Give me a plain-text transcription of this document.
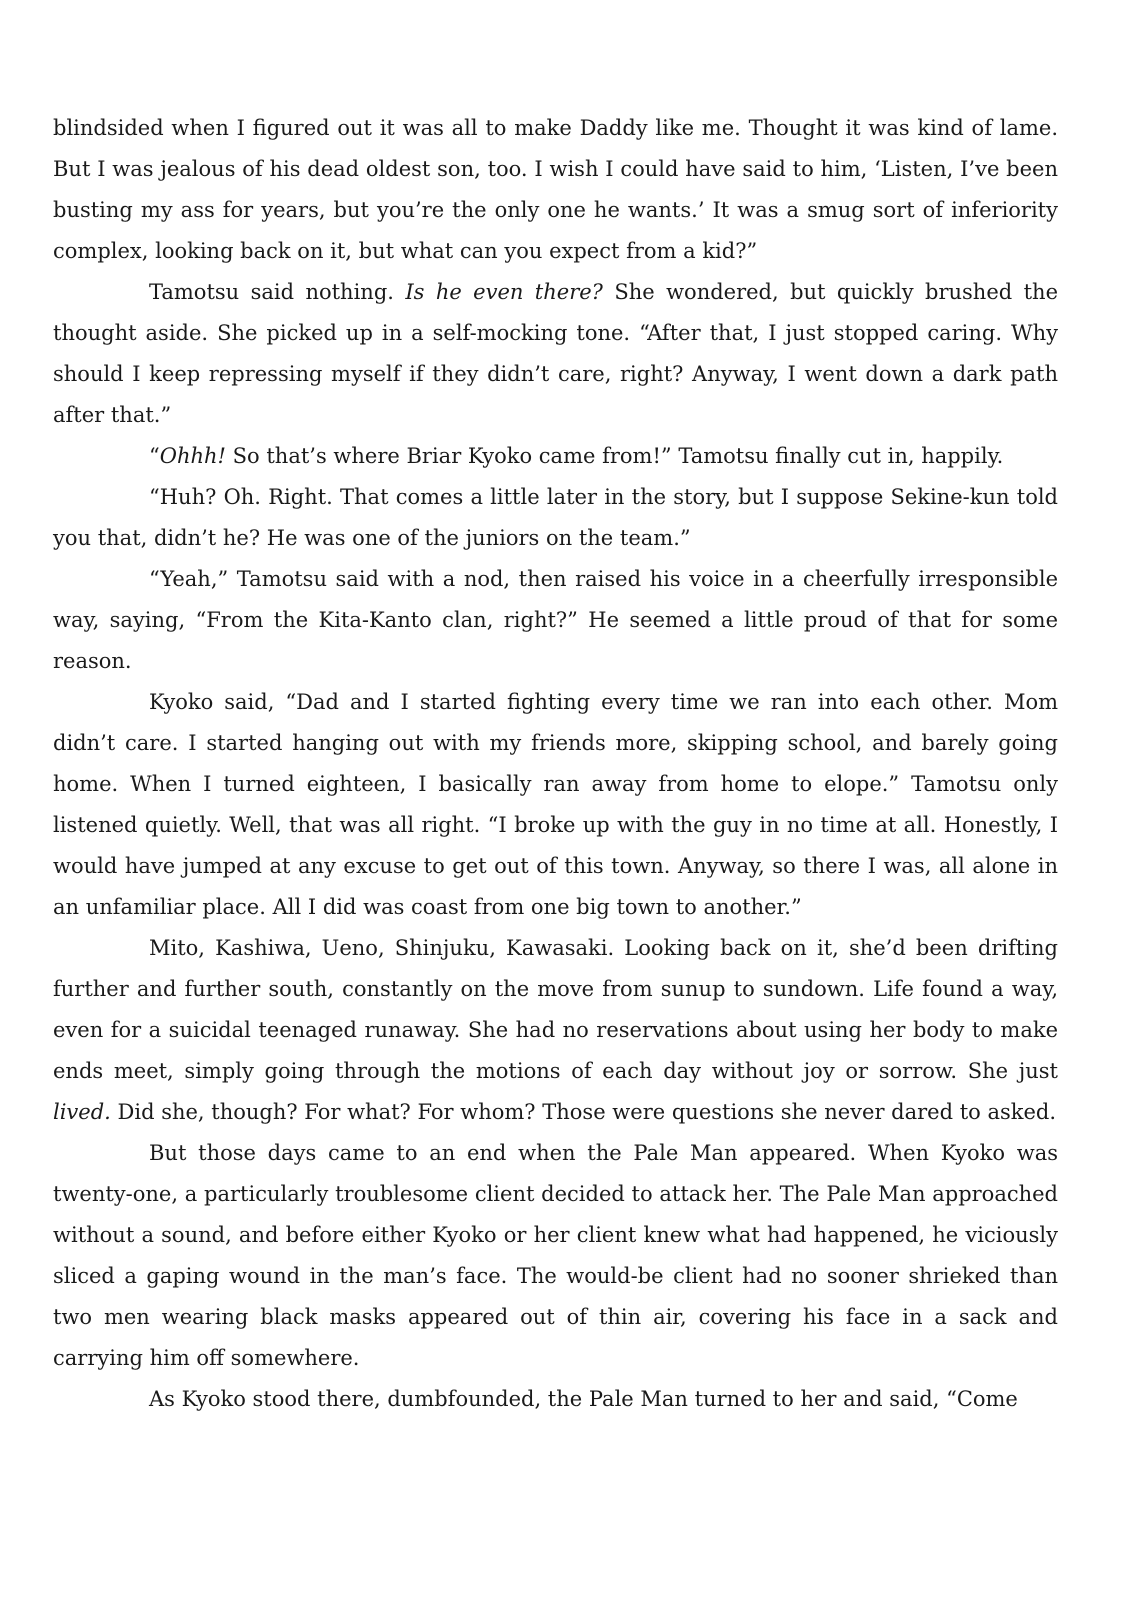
blindsided when I figured out it was all to make Daddy like me. Thought it was kind of lame. But I was jealous of his dead oldest son, too. I wish I could have said to him, ‘Listen, I’ve been busting my ass for years, but you’re the only one he wants.’ It was a smug sort of inferiority complex, looking back on it, but what can you expect from a kid?”

Tamotsu said nothing. Is he even there? She wondered, but quickly brushed the thought aside. She picked up in a self-mocking tone. “After that, I just stopped caring. Why should I keep repressing myself if they didn’t care, right? Anyway, I went down a dark path after that.”

“Ohhh! So that’s where Briar Kyoko came from!” Tamotsu finally cut in, happily.

“Huh? Oh. Right. That comes a little later in the story, but I suppose Sekine-kun told you that, didn’t he? He was one of the juniors on the team.”

“Yeah,” Tamotsu said with a nod, then raised his voice in a cheerfully irresponsible way, saying, “From the Kita-Kanto clan, right?” He seemed a little proud of that for some reason.

Kyoko said, “Dad and I started fighting every time we ran into each other. Mom didn’t care. I started hanging out with my friends more, skipping school, and barely going home. When I turned eighteen, I basically ran away from home to elope.” Tamotsu only listened quietly. Well, that was all right. “I broke up with the guy in no time at all. Honestly, I would have jumped at any excuse to get out of this town. Anyway, so there I was, all alone in an unfamiliar place. All I did was coast from one big town to another.”

Mito, Kashiwa, Ueno, Shinjuku, Kawasaki. Looking back on it, she’d been drifting further and further south, constantly on the move from sunup to sundown. Life found a way, even for a suicidal teenaged runaway. She had no reservations about using her body to make ends meet, simply going through the motions of each day without joy or sorrow. She just lived. Did she, though? For what? For whom? Those were questions she never dared to asked.

But those days came to an end when the Pale Man appeared. When Kyoko was twenty-one, a particularly troublesome client decided to attack her. The Pale Man approached without a sound, and before either Kyoko or her client knew what had happened, he viciously sliced a gaping wound in the man’s face. The would-be client had no sooner shrieked than two men wearing black masks appeared out of thin air, covering his face in a sack and carrying him off somewhere.

As Kyoko stood there, dumbfounded, the Pale Man turned to her and said, “Come
